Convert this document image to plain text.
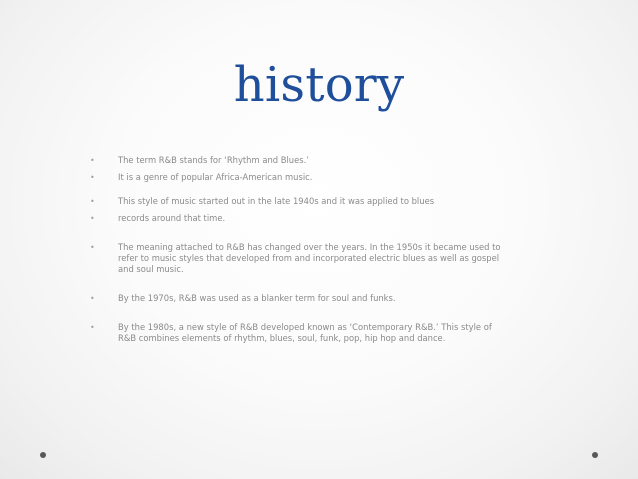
history
•	The term R&B stands for ‘Rhythm and Blues.’
•	It is a genre of popular Africa-American music.
•	This style of music started out in the late 1940s and it was applied to blues
•	records around that time.
•	The meaning attached to R&B has changed over the years. In the 1950s it became used to
refer to music styles that developed from and incorporated electric blues as well as gospel
and soul music.
•	By the 1970s, R&B was used as a blanker term for soul and funks.
•	By the 1980s, a new style of R&B developed known as ‘Contemporary R&B.’ This style of
R&B combines elements of rhythm, blues, soul, funk, pop, hip hop and dance.
